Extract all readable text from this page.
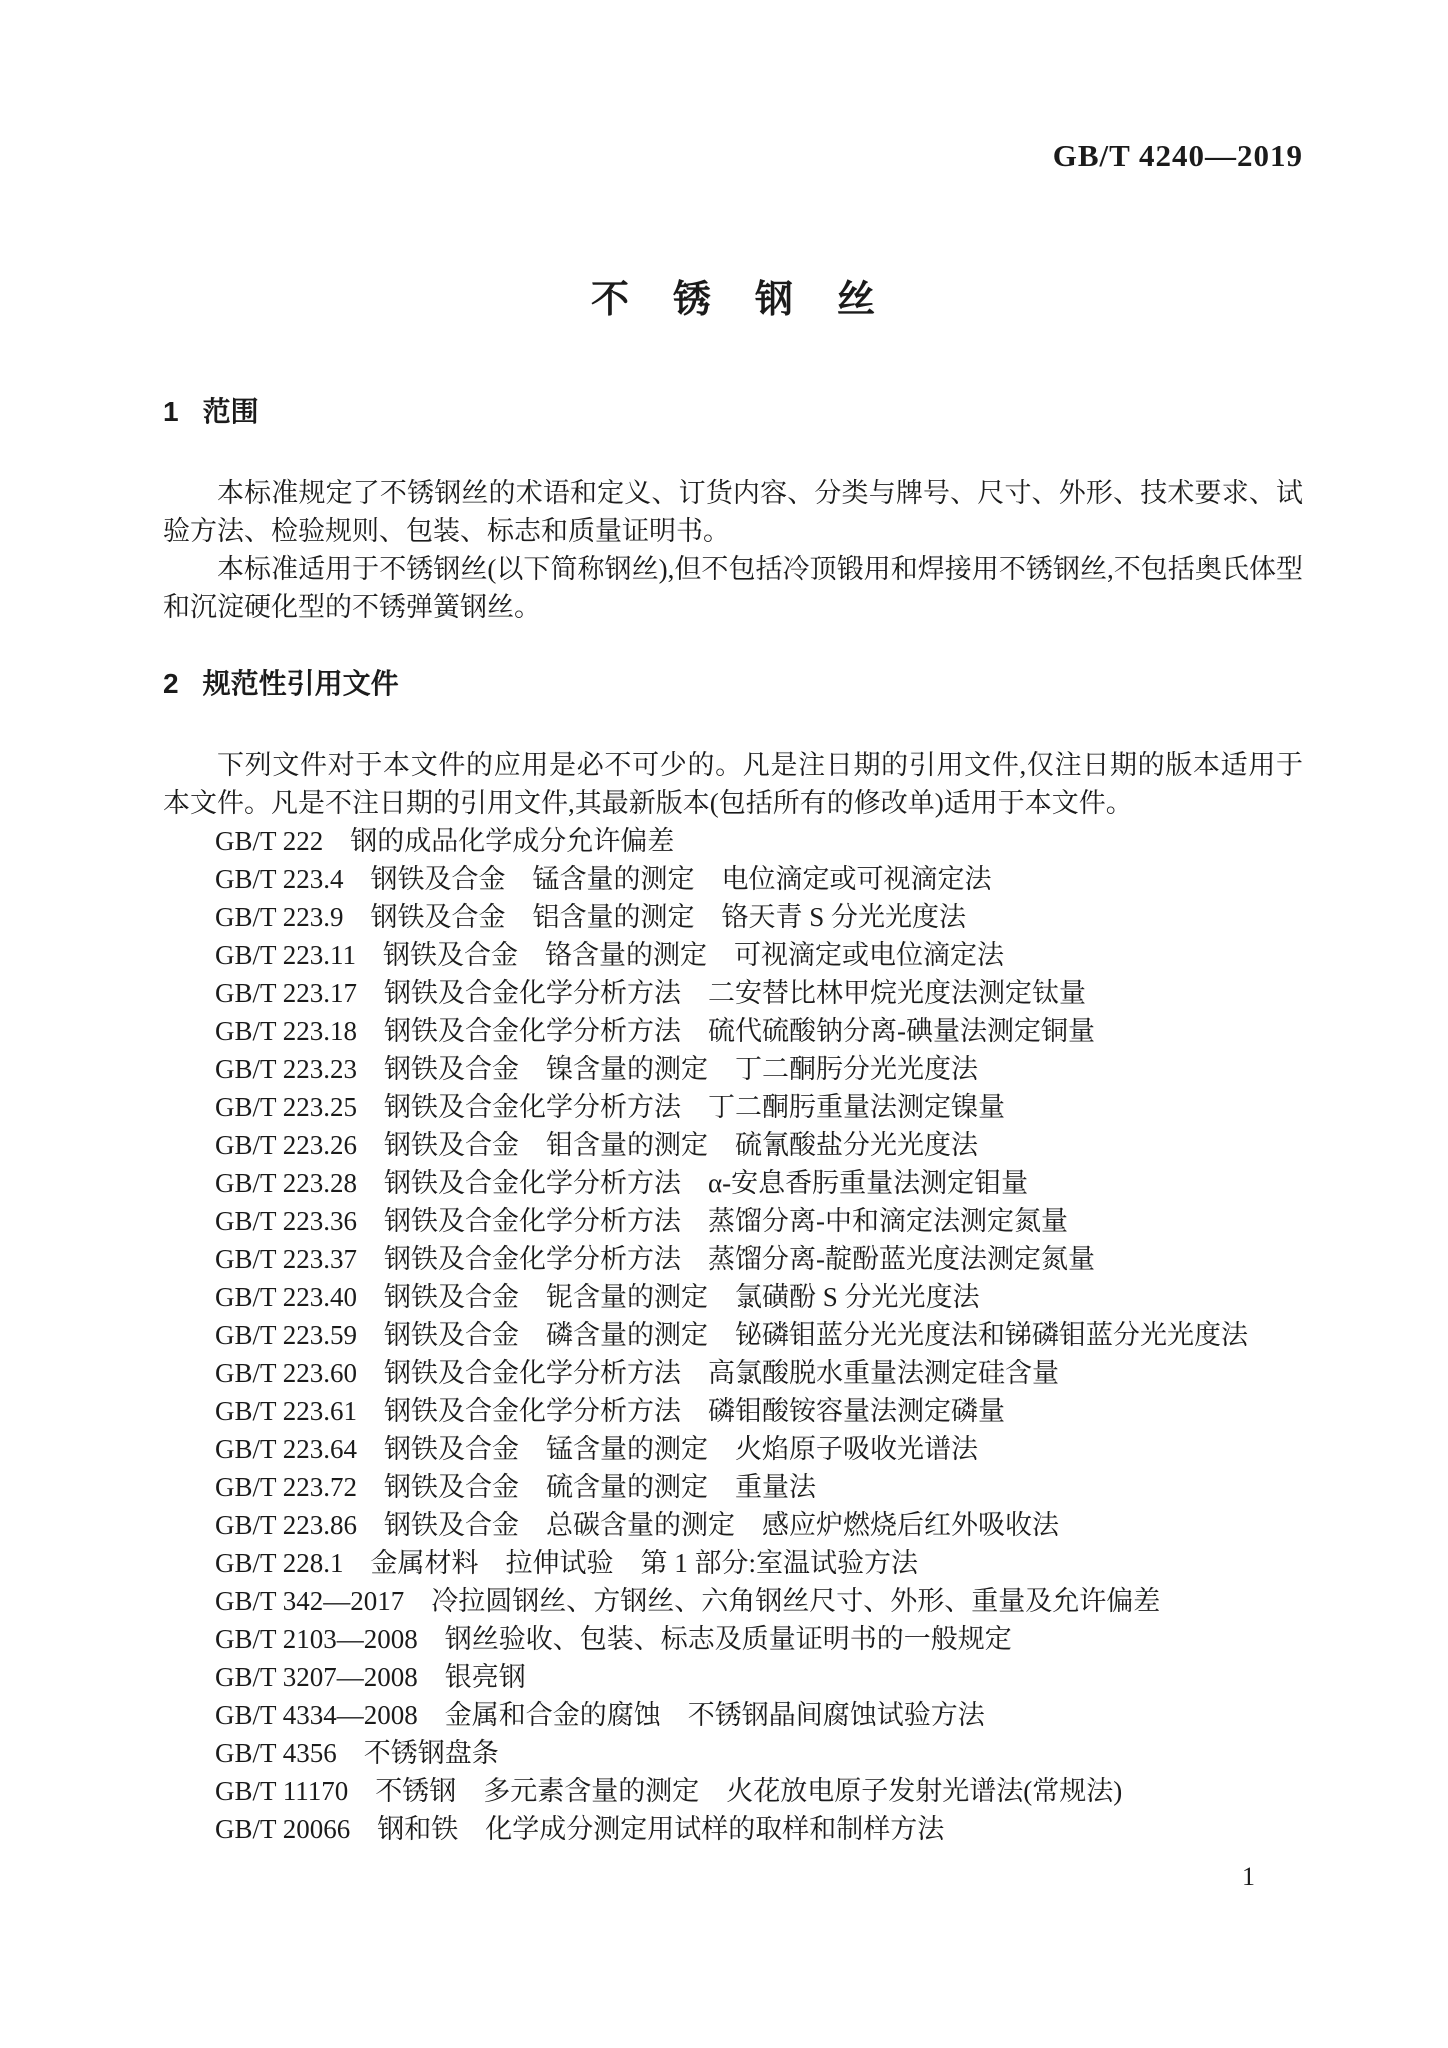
GB/T 4240—2019
不锈钢丝
1 范围

本标准规定了不锈钢丝的术语和定义、订货内容、分类与牌号、尺寸、外形、技术要求、试验方法、检验规则、包装、标志和质量证明书。

本标准适用于不锈钢丝(以下简称钢丝),但不包括冷顶锻用和焊接用不锈钢丝,不包括奥氏体型和沉淀硬化型的不锈弹簧钢丝。

2 规范性引用文件

下列文件对于本文件的应用是必不可少的。凡是注日期的引用文件,仅注日期的版本适用于本文件。凡是不注日期的引用文件,其最新版本(包括所有的修改单)适用于本文件。

GB/T 222　钢的成品化学成分允许偏差
GB/T 223.4　钢铁及合金　锰含量的测定　电位滴定或可视滴定法
GB/T 223.9　钢铁及合金　铝含量的测定　铬天青 S 分光光度法
GB/T 223.11　钢铁及合金　铬含量的测定　可视滴定或电位滴定法
GB/T 223.17　钢铁及合金化学分析方法　二安替比林甲烷光度法测定钛量
GB/T 223.18　钢铁及合金化学分析方法　硫代硫酸钠分离-碘量法测定铜量
GB/T 223.23　钢铁及合金　镍含量的测定　丁二酮肟分光光度法
GB/T 223.25　钢铁及合金化学分析方法　丁二酮肟重量法测定镍量
GB/T 223.26　钢铁及合金　钼含量的测定　硫氰酸盐分光光度法
GB/T 223.28　钢铁及合金化学分析方法　α-安息香肟重量法测定钼量
GB/T 223.36　钢铁及合金化学分析方法　蒸馏分离-中和滴定法测定氮量
GB/T 223.37　钢铁及合金化学分析方法　蒸馏分离-靛酚蓝光度法测定氮量
GB/T 223.40　钢铁及合金　铌含量的测定　氯磺酚 S 分光光度法
GB/T 223.59　钢铁及合金　磷含量的测定　铋磷钼蓝分光光度法和锑磷钼蓝分光光度法
GB/T 223.60　钢铁及合金化学分析方法　高氯酸脱水重量法测定硅含量
GB/T 223.61　钢铁及合金化学分析方法　磷钼酸铵容量法测定磷量
GB/T 223.64　钢铁及合金　锰含量的测定　火焰原子吸收光谱法
GB/T 223.72　钢铁及合金　硫含量的测定　重量法
GB/T 223.86　钢铁及合金　总碳含量的测定　感应炉燃烧后红外吸收法
GB/T 228.1　金属材料　拉伸试验　第 1 部分:室温试验方法
GB/T 342—2017　冷拉圆钢丝、方钢丝、六角钢丝尺寸、外形、重量及允许偏差
GB/T 2103—2008　钢丝验收、包装、标志及质量证明书的一般规定
GB/T 3207—2008　银亮钢
GB/T 4334—2008　金属和合金的腐蚀　不锈钢晶间腐蚀试验方法
GB/T 4356　不锈钢盘条
GB/T 11170　不锈钢　多元素含量的测定　火花放电原子发射光谱法(常规法)
GB/T 20066　钢和铁　化学成分测定用试样的取样和制样方法
1
